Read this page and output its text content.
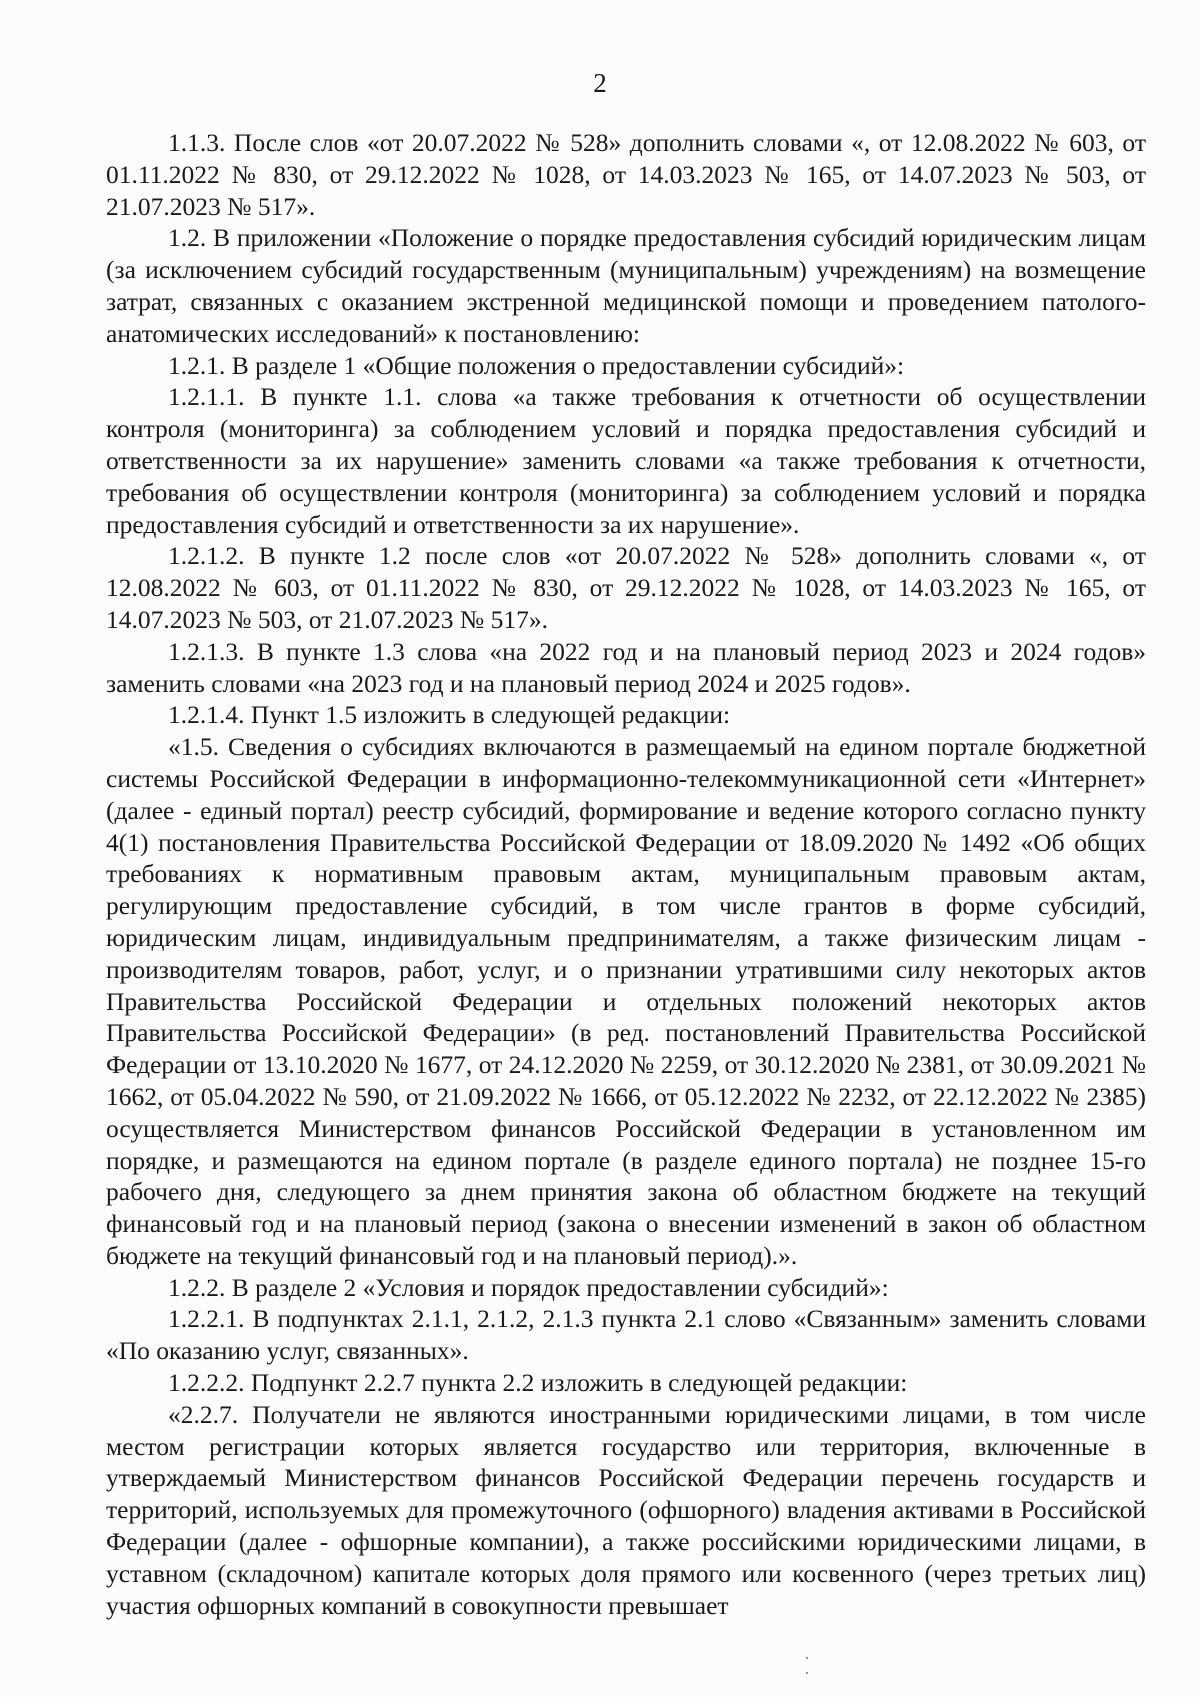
2

1.1.3. После слов «от 20.07.2022 № 528» дополнить словами «, от 12.08.2022 № 603, от 01.11.2022 № 830, от 29.12.2022 № 1028, от 14.03.2023 № 165, от 14.07.2023 № 503, от 21.07.2023 № 517».

1.2. В приложении «Положение о порядке предоставления субсидий юридическим лицам (за исключением субсидий государственным (муниципальным) учреждениям) на возмещение затрат, связанных с оказанием экстренной медицинской помощи и проведением патолого-анатомических исследований» к постановлению:

1.2.1. В разделе 1 «Общие положения о предоставлении субсидий»:

1.2.1.1. В пункте 1.1. слова «а также требования к отчетности об осуществлении контроля (мониторинга) за соблюдением условий и порядка предоставления субсидий и ответственности за их нарушение» заменить словами «а также требования к отчетности, требования об осуществлении контроля (мониторинга) за соблюдением условий и порядка предоставления субсидий и ответственности за их нарушение».

1.2.1.2. В пункте 1.2 после слов «от 20.07.2022 № 528» дополнить словами «, от 12.08.2022 № 603, от 01.11.2022 № 830, от 29.12.2022 № 1028, от 14.03.2023 № 165, от 14.07.2023 № 503, от 21.07.2023 № 517».

1.2.1.3. В пункте 1.3 слова «на 2022 год и на плановый период 2023 и 2024 годов» заменить словами «на 2023 год и на плановый период 2024 и 2025 годов».

1.2.1.4. Пункт 1.5 изложить в следующей редакции:

«1.5. Сведения о субсидиях включаются в размещаемый на едином портале бюджетной системы Российской Федерации в информационно-телекоммуникационной сети «Интернет» (далее - единый портал) реестр субсидий, формирование и ведение которого согласно пункту 4(1) постановления Правительства Российской Федерации от 18.09.2020 № 1492 «Об общих требованиях к нормативным правовым актам, муниципальным правовым актам, регулирующим предоставление субсидий, в том числе грантов в форме субсидий, юридическим лицам, индивидуальным предпринимателям, а также физическим лицам - производителям товаров, работ, услуг, и о признании утратившими силу некоторых актов Правительства Российской Федерации и отдельных положений некоторых актов Правительства Российской Федерации» (в ред. постановлений Правительства Российской Федерации от 13.10.2020 № 1677, от 24.12.2020 № 2259, от 30.12.2020 № 2381, от 30.09.2021 № 1662, от 05.04.2022 № 590, от 21.09.2022 № 1666, от 05.12.2022 № 2232, от 22.12.2022 № 2385) осуществляется Министерством финансов Российской Федерации в установленном им порядке, и размещаются на едином портале (в разделе единого портала) не позднее 15-го рабочего дня, следующего за днем принятия закона об областном бюджете на текущий финансовый год и на плановый период (закона о внесении изменений в закон об областном бюджете на текущий финансовый год и на плановый период).».

1.2.2. В разделе 2 «Условия и порядок предоставлении субсидий»:

1.2.2.1. В подпунктах 2.1.1, 2.1.2, 2.1.3 пункта 2.1 слово «Связанным» заменить словами «По оказанию услуг, связанных».

1.2.2.2. Подпункт 2.2.7 пункта 2.2 изложить в следующей редакции:

«2.2.7. Получатели не являются иностранными юридическими лицами, в том числе местом регистрации которых является государство или территория, включенные в утверждаемый Министерством финансов Российской Федерации перечень государств и территорий, используемых для промежуточного (офшорного) владения активами в Российской Федерации (далее - офшорные компании), а также российскими юридическими лицами, в уставном (складочном) капитале которых доля прямого или косвенного (через третьих лиц) участия офшорных компаний в совокупности превышает
